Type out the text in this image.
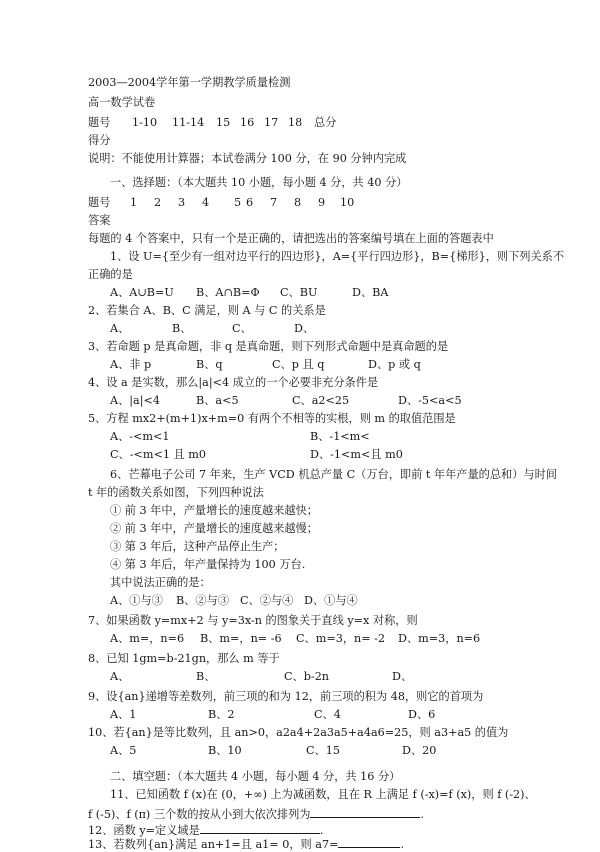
2003—2004学年第一学期教学质量检测
高一数学试卷
题号 1-10 11-14 15 16 17 18 总分
得分
说明：不能使用计算器；本试卷满分 100 分，在 90 分钟内完成
一、选择题：（本大题共 10 小题，每小题 4 分，共 40 分）
题号 1 2 3 4 5 6 7 8 9 10
答案
每题的 4 个答案中，只有一个是正确的，请把选出的答案编号填在上面的答题表中
1、设 U={至少有一组对边平行的四边形}，A={平行四边形}，B={梯形}，则下列关系不
正确的是
A、A∪B=U B、A∩B=Φ C、BU	D、BA
2、若集合 A、B、C 满足，则 A 与 C 的关系是
A、	B、	C、	D、
3、若命题 p 是真命题，非 q 是真命题，则下列形式命题中是真命题的是
A、非 p	B、q	C、p 且 q	D、p 或 q
4、设 a 是实数，那么|a|<4 成立的一个必要非充分条件是
A、|a|<4	B、a<5	C、a2<25	D、-5<a<5
5、方程 mx2+(m+1)x+m=0 有两个不相等的实根，则 m 的取值范围是
A、-<m<1	B、-1<m<
C、-<m<1 且 m0	D、-1<m<且 m0
6、芒幕电子公司 7 年来，生产 VCD 机总产量 C（万台，即前 t 年年产量的总和）与时间
t 年的函数关系如图，下列四种说法
① 前 3 年中，产量增长的速度越来越快；
② 前 3 年中，产量增长的速度越来越慢；
③ 第 3 年后，这种产品停止生产；
④ 第 3 年后，年产量保持为 100 万台.
其中说法正确的是：
A、①与③ B、②与③ C、②与④ D、①与④
7、如果函数 y=mx+2 与 y=3x-n 的图象关于直线 y=x 对称，则
A、m=，n=6 B、m=，n= -6 C、m=3，n= -2 D、m=3，n=6
8、已知 1gm=b-21gn，那么 m 等于
A、	B、	C、b-2n	D、
9、设{an}递增等差数列，前三项的和为 12，前三项的积为 48，则它的首项为
A、1	B、2	C、4	D、6
10、若{an}是等比数列，且 an>0，a2a4+2a3a5+a4a6=25，则 a3+a5 的值为
A、5	B、10	C、15	D、20
二、填空题：（本大题共 4 小题，每小题 4 分，共 16 分）
11、已知函数 f (x)在 (0，+∞) 上为减函数，且在 R 上满足 f (-x)=f (x)，则 f (-2)、
f (-5)、f (π) 三个数的按从小到大依次排列为	.
12、函数 y=定义域是	.
13、若数列{an}满足 an+1=且 a1= 0，则 a7=	.
